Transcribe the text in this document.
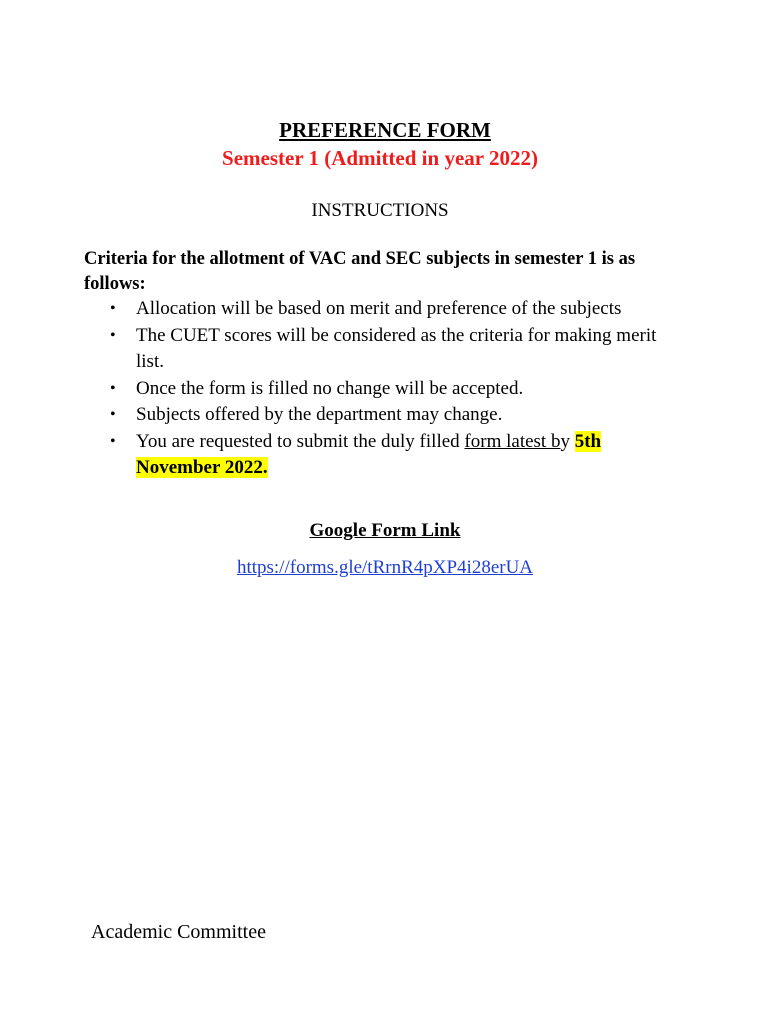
PREFERENCE FORM
Semester 1 (Admitted in year 2022)
INSTRUCTIONS
Criteria for the allotment of VAC and SEC subjects in semester 1 is as follows:
• Allocation will be based on merit and preference of the subjects
• The CUET scores will be considered as the criteria for making merit list.
• Once the form is filled no change will be accepted.
• Subjects offered by the department may change.
• You are requested to submit the duly filled form latest by 5th November 2022.
Google Form Link
https://forms.gle/tRrnR4pXP4i28erUA
Academic Committee
